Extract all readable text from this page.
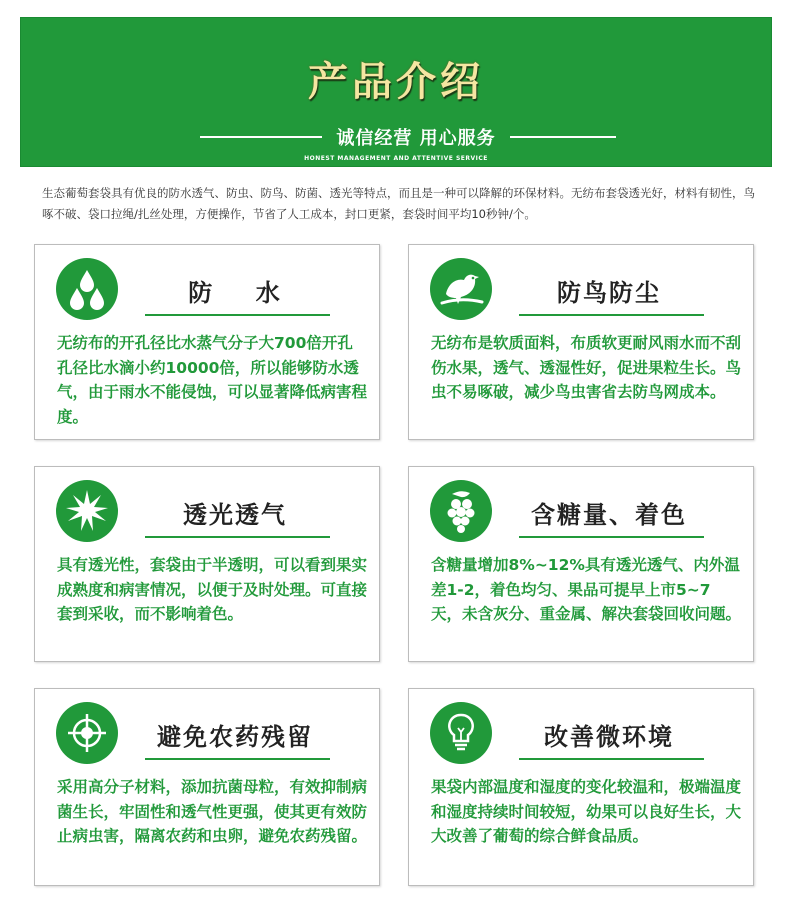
产品介绍
诚信经营 用心服务
HONEST MANAGEMENT AND ATTENTIVE SERVICE
生态葡萄套袋具有优良的防水透气、防虫、防鸟、防菌、透光等特点，而且是一种可以降解的环保材料。无纺布套袋透光好，材料有韧性，鸟啄不破、袋口拉绳/扎丝处理，方便操作，节省了人工成本，封口更紧，套袋时间平均10秒钟/个。
防    水
无纺布的开孔径比水蒸气分子大700倍开孔孔径比水滴小约10000倍，所以能够防水透气，由于雨水不能侵蚀，可以显著降低病害程度。
防鸟防尘
无纺布是软质面料，布质软更耐风雨水而不刮伤水果，透气、透湿性好，促进果粒生长。鸟虫不易啄破，减少鸟虫害省去防鸟网成本。
透光透气
具有透光性，套袋由于半透明，可以看到果实成熟度和病害情况，以便于及时处理。可直接套到采收，而不影响着色。
含糖量、着色
含糖量增加8%~12%具有透光透气、内外温差1-2，着色均匀、果品可提早上市5~7天，未含灰分、重金属、解决套袋回收问题。
避免农药残留
采用高分子材料，添加抗菌母粒，有效抑制病菌生长，牢固性和透气性更强，使其更有效防止病虫害，隔离农药和虫卵，避免农药残留。
改善微环境
果袋内部温度和湿度的变化较温和，极端温度和湿度持续时间较短，幼果可以良好生长，大大改善了葡萄的综合鲜食品质。
